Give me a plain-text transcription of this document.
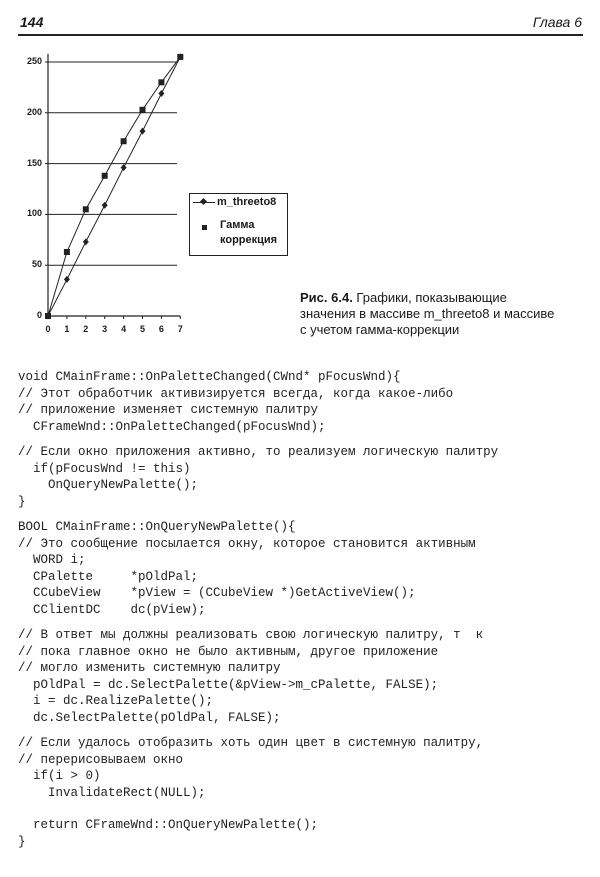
144	Глава 6
0
50
100
150
200
250
0 1 2 3 4 5 6 7
m_threeto8
Гамма
коррекция
Рис. 6.4. Графики, показывающие
значения в массиве m_threeto8 и массиве
с учетом гамма-коррекции
void CMainFrame::OnPaletteChanged(CWnd* pFocusWnd){
// Этот обработчик активизируется всегда, когда какое-либо
// приложение изменяет системную палитру
CFrameWnd::OnPaletteChanged(pFocusWnd);
// Если окно приложения активно, то реализуем логическую палитру
if(pFocusWnd != this)
OnQueryNewPalette();
}
BOOL CMainFrame::OnQueryNewPalette(){
// Это сообщение посылается окну, которое становится активным
WORD i;
CPalette     *pOldPal;
CCubeView    *pView = (CCubeView *)GetActiveView();
CClientDC    dc(pView);
// В ответ мы должны реализовать свою логическую палитру, т  к
// пока главное окно не было активным, другое приложение
// могло изменить системную палитру
pOldPal = dc.SelectPalette(&pView->m_cPalette, FALSE);
i = dc.RealizePalette();
dc.SelectPalette(pOldPal, FALSE);
// Если удалось отобразить хоть один цвет в системную палитру,
// перерисовываем окно
if(i > 0)
InvalidateRect(NULL);
return CFrameWnd::OnQueryNewPalette();
}
